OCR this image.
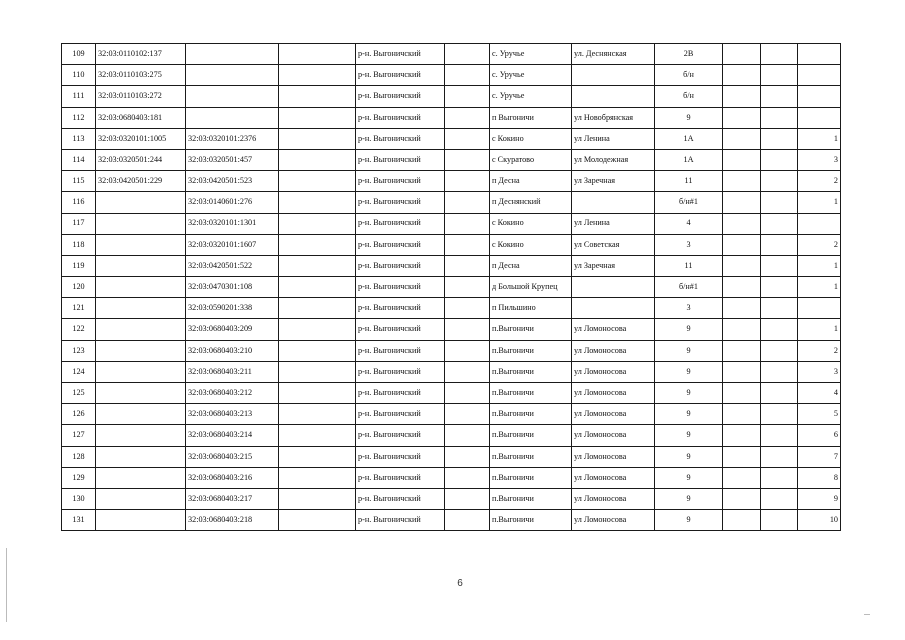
109	32:03:0110102:137			р-н. Выгоничский		с. Уручье	ул. Деснянская	2В			
110	32:03:0110103:275			р-н. Выгоничский		с. Уручье		б/н			
111	32:03:0110103:272			р-н. Выгоничский		с. Уручье		б/н			
112	32:03:0680403:181			р-н. Выгоничский		п Выгоничи	ул Новобрянская	9			
113	32:03:0320101:1005	32:03:0320101:2376		р-н. Выгоничский		с Кокино	ул Ленина	1А			1
114	32:03:0320501:244	32:03:0320501:457		р-н. Выгоничский		с Скуратово	ул Молодежная	1А			3
115	32:03:0420501:229	32:03:0420501:523		р-н. Выгоничский		п Десна	ул Заречная	11			2
116		32:03:0140601:276		р-н. Выгоничский		п Деснянский		б/н#1			1
117		32:03:0320101:1301		р-н. Выгоничский		с Кокино	ул Ленина	4			
118		32:03:0320101:1607		р-н. Выгоничский		с Кокино	ул Советская	3			2
119		32:03:0420501:522		р-н. Выгоничский		п Десна	ул Заречная	11			1
120		32:03:0470301:108		р-н. Выгоничский		д Большой Крупец		б/н#1			1
121		32:03:0590201:338		р-н. Выгоничский		п Пильшино		3			
122		32:03:0680403:209		р-н. Выгоничский		п.Выгоничи	ул Ломоносова	9			1
123		32:03:0680403:210		р-н. Выгоничский		п.Выгоничи	ул Ломоносова	9			2
124		32:03:0680403:211		р-н. Выгоничский		п.Выгоничи	ул Ломоносова	9			3
125		32:03:0680403:212		р-н. Выгоничский		п.Выгоничи	ул Ломоносова	9			4
126		32:03:0680403:213		р-н. Выгоничский		п.Выгоничи	ул Ломоносова	9			5
127		32:03:0680403:214		р-н. Выгоничский		п.Выгоничи	ул Ломоносова	9			6
128		32:03:0680403:215		р-н. Выгоничский		п.Выгоничи	ул Ломоносова	9			7
129		32:03:0680403:216		р-н. Выгоничский		п.Выгоничи	ул Ломоносова	9			8
130		32:03:0680403:217		р-н. Выгоничский		п.Выгоничи	ул Ломоносова	9			9
131		32:03:0680403:218		р-н. Выгоничский		п.Выгоничи	ул Ломоносова	9			10
6
